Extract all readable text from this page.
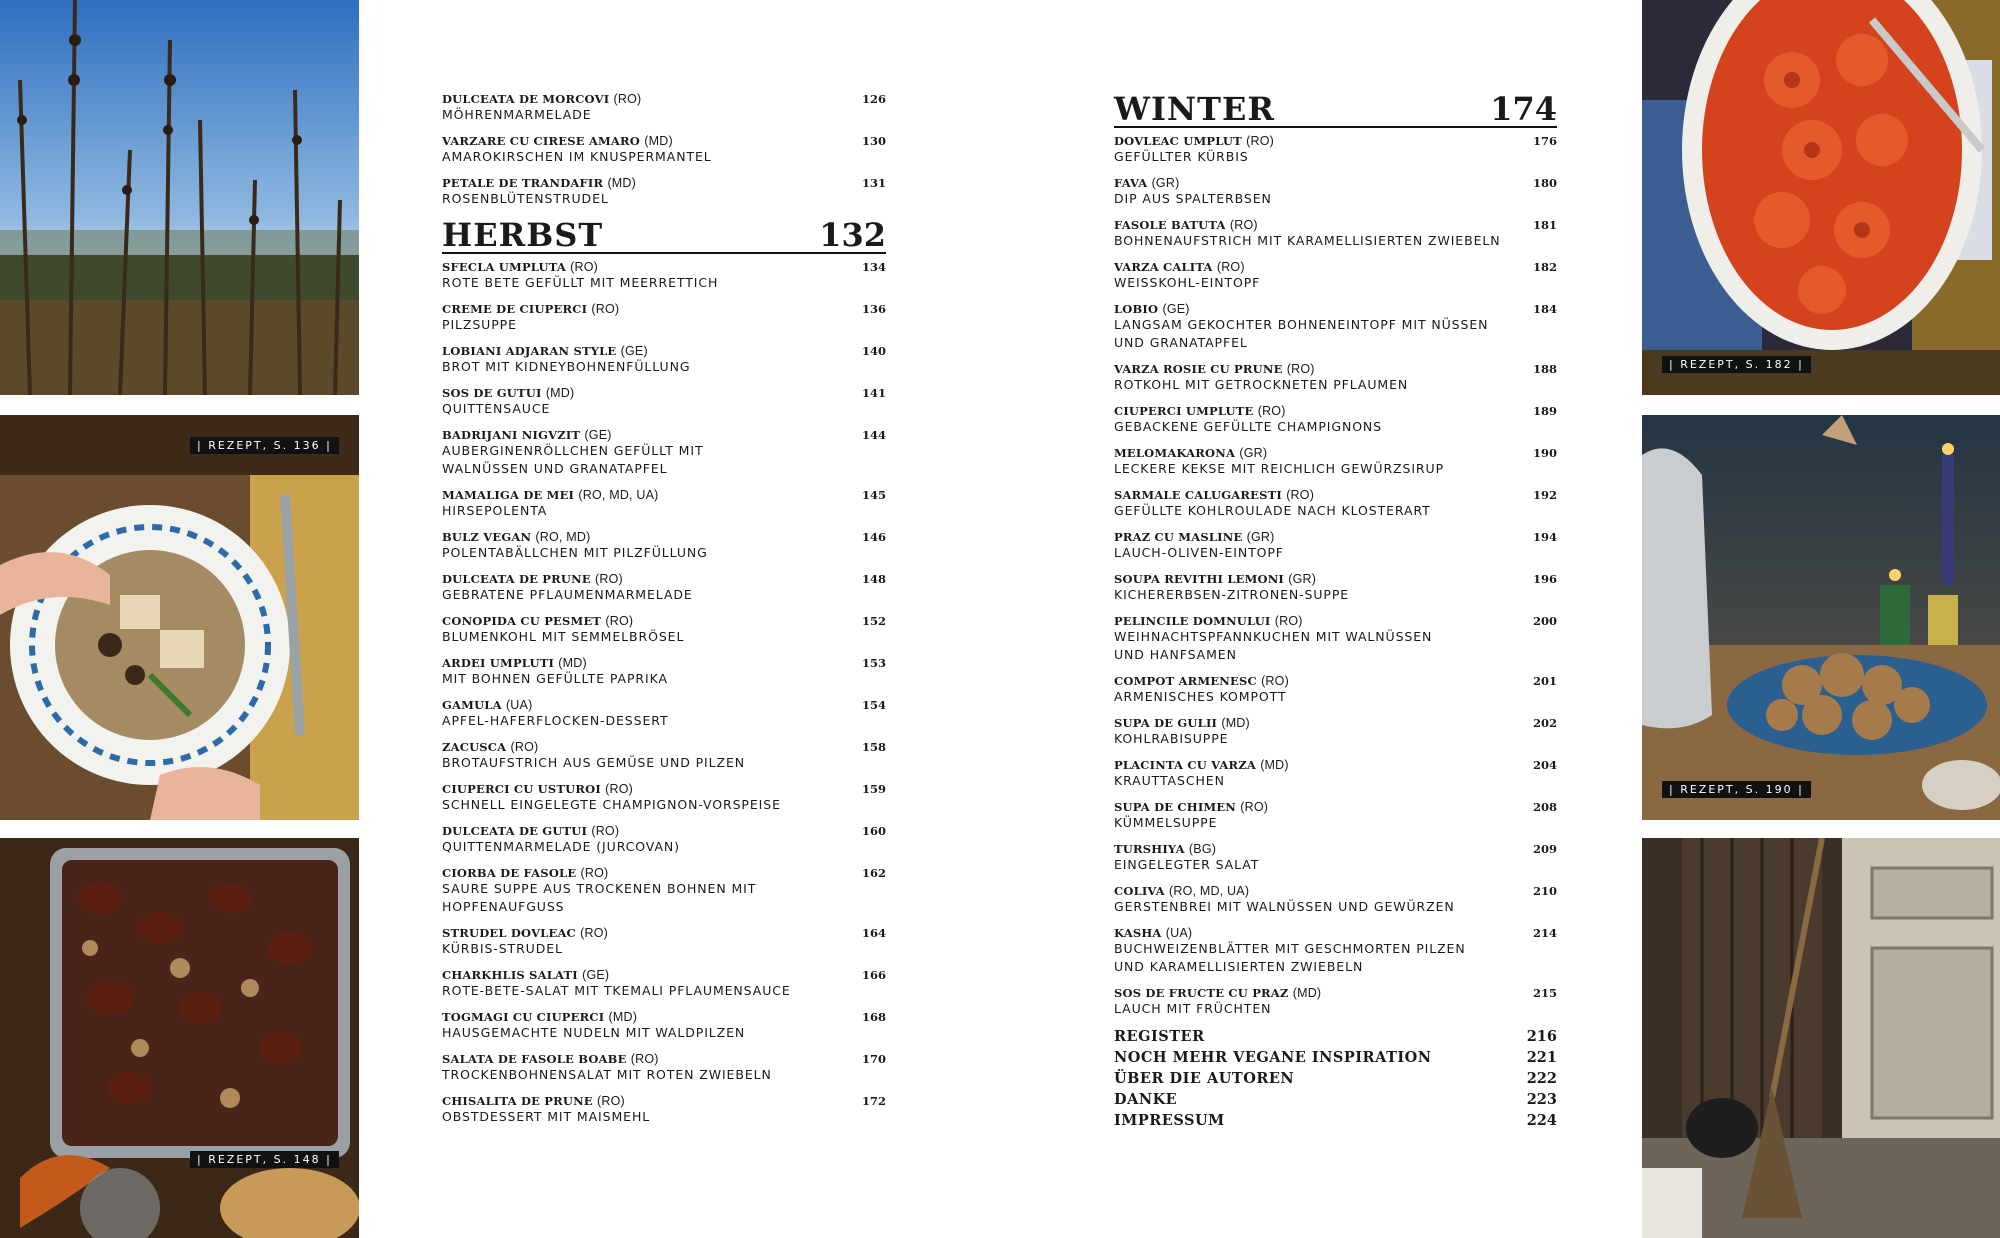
| REZEPT, S. 136 |
| REZEPT, S. 148 |
| REZEPT, S. 182 |
| REZEPT, S. 190 |
DULCEATA DE MORCOVI (RO)	126
MÖHRENMARMELADE
VARZARE CU CIRESE AMARO (MD)	130
AMAROKIRSCHEN IM KNUSPERMANTEL
PETALE DE TRANDAFIR (MD)	131
ROSENBLÜTENSTRUDEL
HERBST	132
SFECLA UMPLUTA (RO)	134
ROTE BETE GEFÜLLT MIT MEERRETTICH
CREME DE CIUPERCI (RO)	136
PILZSUPPE
LOBIANI ADJARAN STYLE (GE)	140
BROT MIT KIDNEYBOHNENFÜLLUNG
SOS DE GUTUI (MD)	141
QUITTENSAUCE
BADRIJANI NIGVZIT (GE)	144
AUBERGINENRÖLLCHEN GEFÜLLT MIT
WALNÜSSEN UND GRANATAPFEL
MAMALIGA DE MEI (RO, MD, UA)	145
HIRSEPOLENTA
BULZ VEGAN (RO, MD)	146
POLENTABÄLLCHEN MIT PILZFÜLLUNG
DULCEATA DE PRUNE (RO)	148
GEBRATENE PFLAUMENMARMELADE
CONOPIDA CU PESMET (RO)	152
BLUMENKOHL MIT SEMMELBRÖSEL
ARDEI UMPLUTI (MD)	153
MIT BOHNEN GEFÜLLTE PAPRIKA
GAMULA (UA)	154
APFEL-HAFERFLOCKEN-DESSERT
ZACUSCA (RO)	158
BROTAUFSTRICH AUS GEMÜSE UND PILZEN
CIUPERCI CU USTUROI (RO)	159
SCHNELL EINGELEGTE CHAMPIGNON-VORSPEISE
DULCEATA DE GUTUI (RO)	160
QUITTENMARMELADE (JURCOVAN)
CIORBA DE FASOLE (RO)	162
SAURE SUPPE AUS TROCKENEN BOHNEN MIT
HOPFENAUFGUSS
STRUDEL DOVLEAC (RO)	164
KÜRBIS-STRUDEL
CHARKHLIS SALATI (GE)	166
ROTE-BETE-SALAT MIT TKEMALI PFLAUMENSAUCE
TOGMAGI CU CIUPERCI (MD)	168
HAUSGEMACHTE NUDELN MIT WALDPILZEN
SALATA DE FASOLE BOABE (RO)	170
TROCKENBOHNENSALAT MIT ROTEN ZWIEBELN
CHISALITA DE PRUNE (RO)	172
OBSTDESSERT MIT MAISMEHL
WINTER	174
DOVLEAC UMPLUT (RO)	176
GEFÜLLTER KÜRBIS
FAVA (GR)	180
DIP AUS SPALTERBSEN
FASOLE BATUTA (RO)	181
BOHNENAUFSTRICH MIT KARAMELLISIERTEN ZWIEBELN
VARZA CALITA (RO)	182
WEISSKOHL-EINTOPF
LOBIO (GE)	184
LANGSAM GEKOCHTER BOHNENEINTOPF MIT NÜSSEN
UND GRANATAPFEL
VARZA ROSIE CU PRUNE (RO)	188
ROTKOHL MIT GETROCKNETEN PFLAUMEN
CIUPERCI UMPLUTE (RO)	189
GEBACKENE GEFÜLLTE CHAMPIGNONS
MELOMAKARONA (GR)	190
LECKERE KEKSE MIT REICHLICH GEWÜRZSIRUP
SARMALE CALUGARESTI (RO)	192
GEFÜLLTE KOHLROULADE NACH KLOSTERART
PRAZ CU MASLINE (GR)	194
LAUCH-OLIVEN-EINTOPF
SOUPA REVITHI LEMONI (GR)	196
KICHERERBSEN-ZITRONEN-SUPPE
PELINCILE DOMNULUI (RO)	200
WEIHNACHTSPFANNKUCHEN MIT WALNÜSSEN
UND HANFSAMEN
COMPOT ARMENESC (RO)	201
ARMENISCHES KOMPOTT
SUPA DE GULII (MD)	202
KOHLRABISUPPE
PLACINTA CU VARZA (MD)	204
KRAUTTASCHEN
SUPA DE CHIMEN (RO)	208
KÜMMELSUPPE
TURSHIYA (BG)	209
EINGELEGTER SALAT
COLIVA (RO, MD, UA)	210
GERSTENBREI MIT WALNÜSSEN UND GEWÜRZEN
KASHA (UA)	214
BUCHWEIZENBLÄTTER MIT GESCHMORTEN PILZEN
UND KARAMELLISIERTEN ZWIEBELN
SOS DE FRUCTE CU PRAZ (MD)	215
LAUCH MIT FRÜCHTEN
REGISTER	216
NOCH MEHR VEGANE INSPIRATION	221
ÜBER DIE AUTOREN	222
DANKE	223
IMPRESSUM	224
